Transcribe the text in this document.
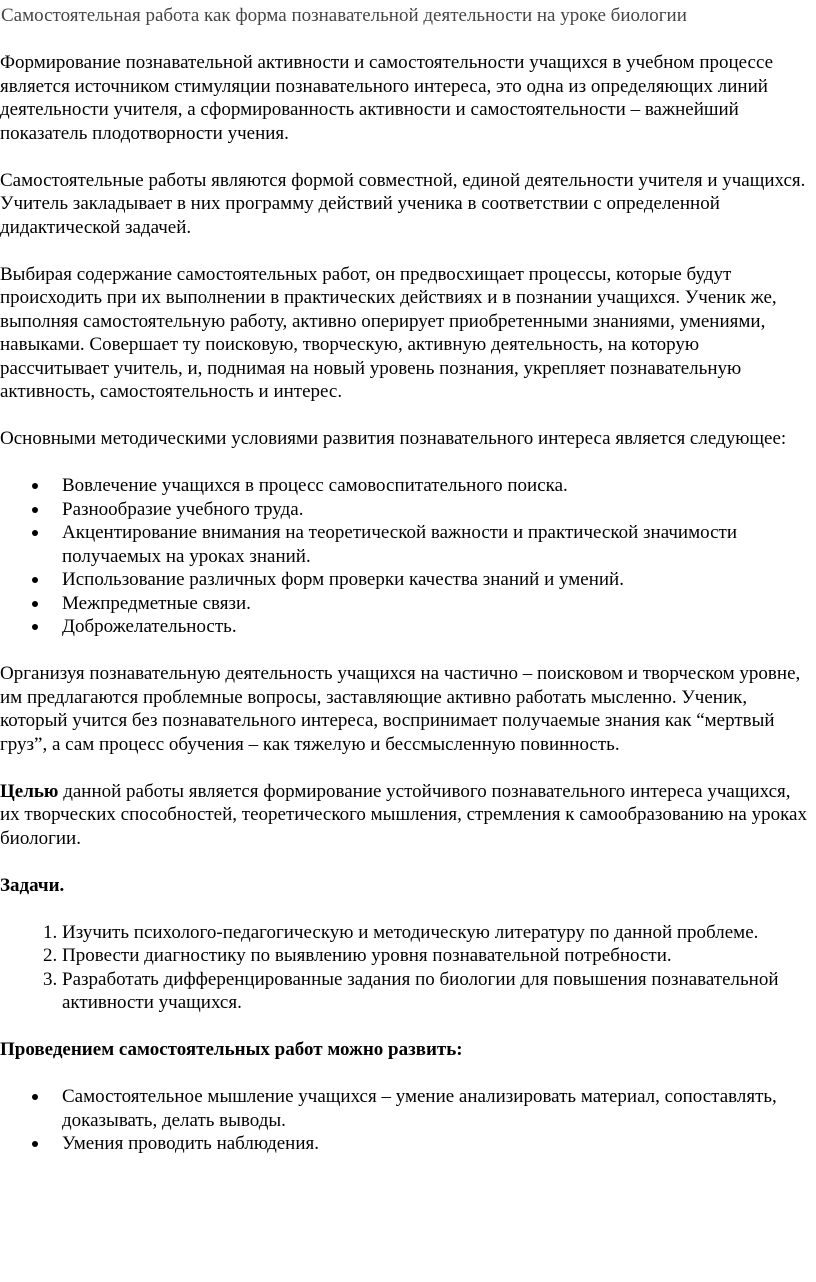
Самостоятельная работа как форма познавательной деятельности на уроке биологии

Формирование познавательной активности и самостоятельности учащихся в учебном процессе является источником стимуляции познавательного интереса, это одна из определяющих линий деятельности учителя, а сформированность активности и самостоятельности – важнейший показатель плодотворности учения.

Самостоятельные работы являются формой совместной, единой деятельности учителя и учащихся. Учитель закладывает в них программу действий ученика в соответствии с определенной дидактической задачей.

Выбирая содержание самостоятельных работ, он предвосхищает процессы, которые будут происходить при их выполнении в практических действиях и в познании учащихся. Ученик же, выполняя самостоятельную работу, активно оперирует приобретенными знаниями, умениями, навыками. Совершает ту поисковую, творческую, активную деятельность, на которую рассчитывает учитель, и, поднимая на новый уровень познания, укрепляет познавательную активность, самостоятельность и интерес.

Основными методическими условиями развития познавательного интереса является следующее:

Вовлечение учащихся в процесс самовоспитательного поиска.
Разнообразие учебного труда.
Акцентирование внимания на теоретической важности и практической значимости получаемых на уроках знаний.
Использование различных форм проверки качества знаний и умений.
Межпредметные связи.
Доброжелательность.

Организуя познавательную деятельность учащихся на частично – поисковом и творческом уровне, им предлагаются проблемные вопросы, заставляющие активно работать мысленно. Ученик, который учится без познавательного интереса, воспринимает получаемые знания как “мертвый груз”, а сам процесс обучения – как тяжелую и бессмысленную повинность.

Целью данной работы является формирование устойчивого познавательного интереса учащихся, их творческих способностей, теоретического мышления, стремления к самообразованию на уроках биологии.

Задачи.

1. Изучить психолого-педагогическую и методическую литературу по данной проблеме.
2. Провести диагностику по выявлению уровня познавательной потребности.
3. Разработать дифференцированные задания по биологии для повышения познавательной активности учащихся.

Проведением самостоятельных работ можно развить:

Самостоятельное мышление учащихся – умение анализировать материал, сопоставлять, доказывать, делать выводы.
Умения проводить наблюдения.
